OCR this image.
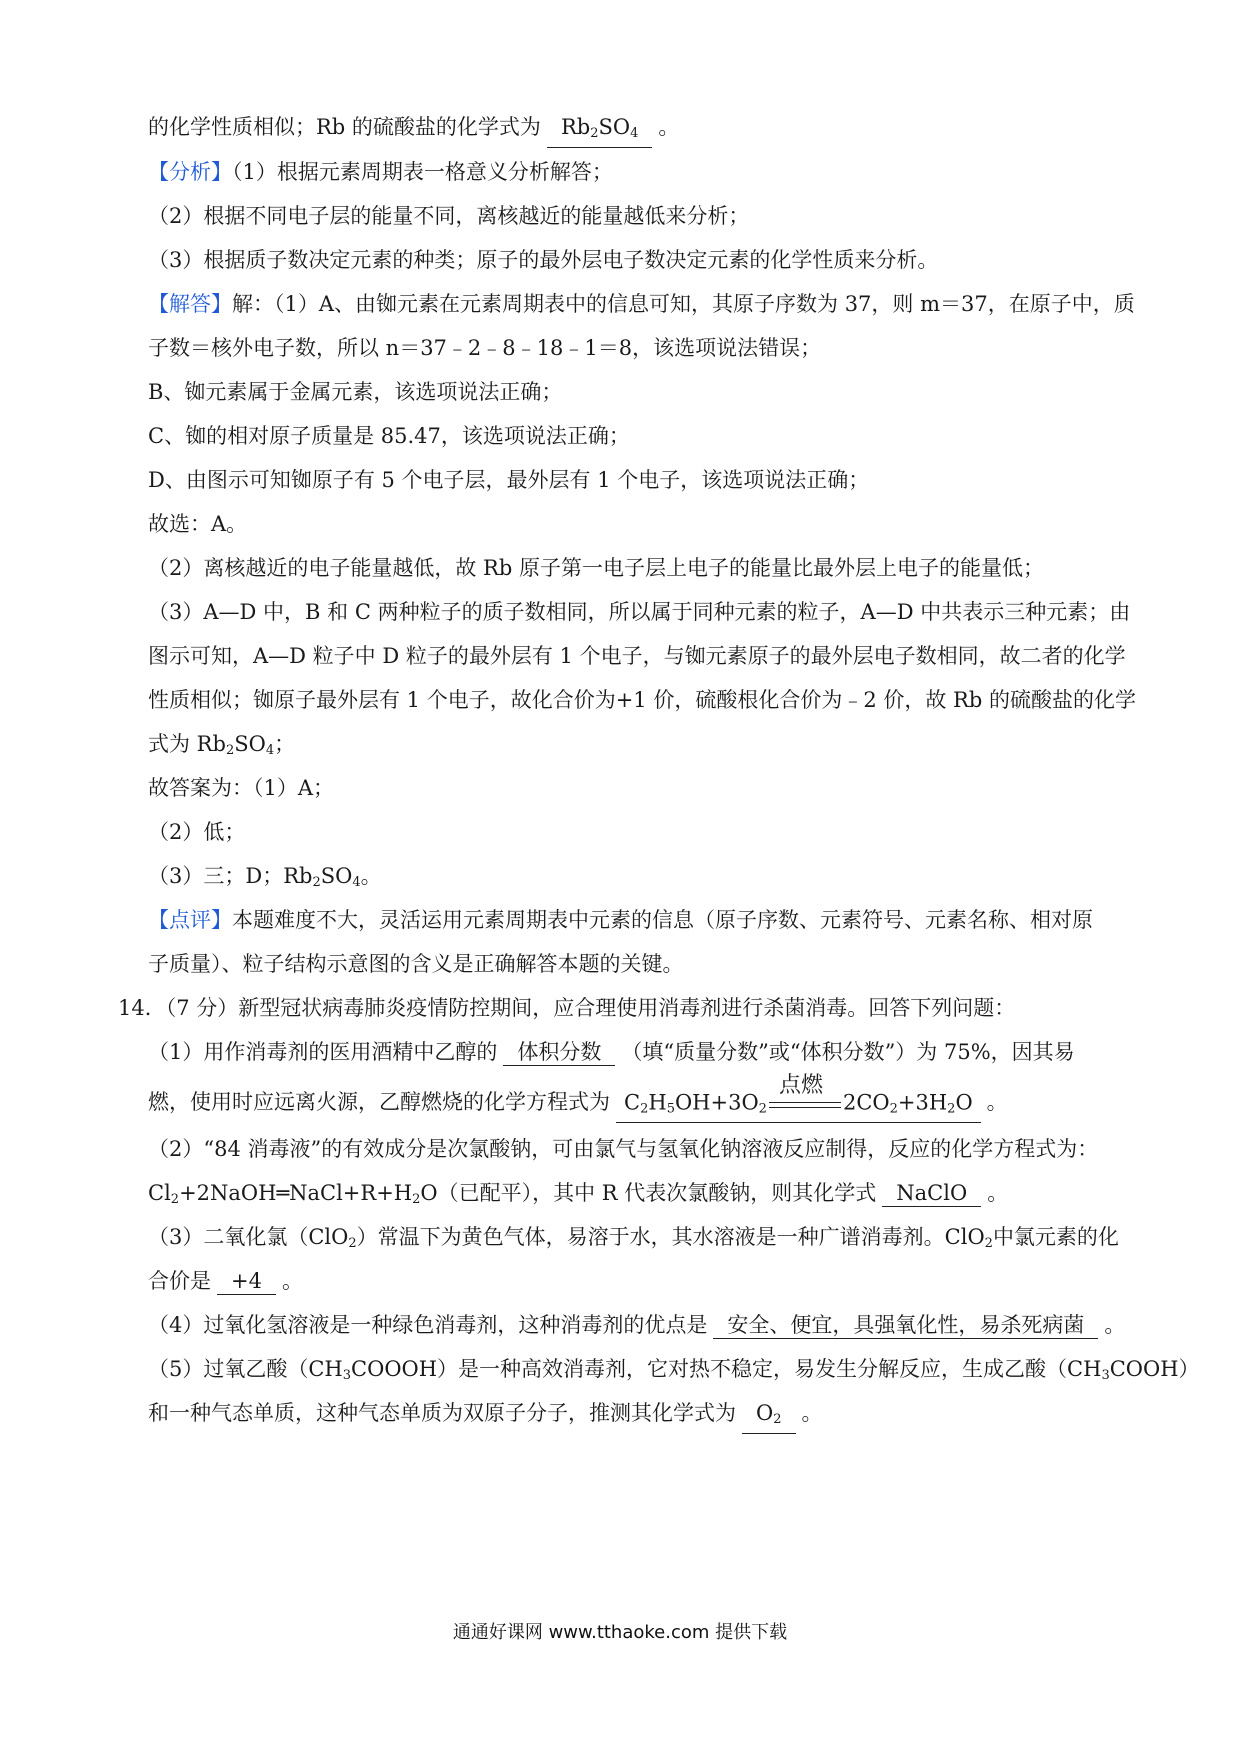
的化学性质相似；Rb 的硫酸盐的化学式为 $Rb_2SO_4$ 。
【分析】（1）根据元素周期表一格意义分析解答；
（2）根据不同电子层的能量不同，离核越近的能量越低来分析；
（3）根据质子数决定元素的种类；原子的最外层电子数决定元素的化学性质来分析。
【解答】解：（1）A、由铷元素在元素周期表中的信息可知，其原子序数为 37，则 m＝37，在原子中，质
子数＝核外电子数，所以 n＝37﹣2﹣8﹣18﹣1＝8，该选项说法错误；
B、铷元素属于金属元素，该选项说法正确；
C、铷的相对原子质量是 85.47，该选项说法正确；
D、由图示可知铷原子有 5 个电子层，最外层有 1 个电子，该选项说法正确；
故选：A。
（2）离核越近的电子能量越低，故 Rb 原子第一电子层上电子的能量比最外层上电子的能量低；
（3）A—D 中，B 和 C 两种粒子的质子数相同，所以属于同种元素的粒子，A—D 中共表示三种元素；由
图示可知，A—D 粒子中 D 粒子的最外层有 1 个电子，与铷元素原子的最外层电子数相同，故二者的化学
性质相似；铷原子最外层有 1 个电子，故化合价为+1 价，硫酸根化合价为﹣2 价，故 Rb 的硫酸盐的化学
式为 $Rb_2SO_4$；
故答案为：（1）A；
（2）低；
（3）三；D；$Rb_2SO_4$。
【点评】本题难度不大，灵活运用元素周期表中元素的信息（原子序数、元素符号、元素名称、相对原
子质量）、粒子结构示意图的含义是正确解答本题的关键。
14．（7 分）新型冠状病毒肺炎疫情防控期间，应合理使用消毒剂进行杀菌消毒。回答下列问题：
（1）用作消毒剂的医用酒精中乙醇的 体积分数 （填“质量分数”或“体积分数”）为 75%，因其易
燃，使用时应远离火源，乙醇燃烧的化学方程式为 $C_2H_5OH+3O_2$
点燃
$2CO_2+3H_2O$ 。
（2）“84 消毒液”的有效成分是次氯酸钠，可由氯气与氢氧化钠溶液反应制得，反应的化学方程式为：
$Cl_2+2NaOH═NaCl+R+H_2O$（已配平），其中 R 代表次氯酸钠，则其化学式 NaClO 。
（3）二氧化氯（ClO$_2$）常温下为黄色气体，易溶于水，其水溶液是一种广谱消毒剂。ClO$_2$中氯元素的化
合价是 +4 。
（4）过氧化氢溶液是一种绿色消毒剂，这种消毒剂的优点是 安全、便宜，具强氧化性，易杀死病菌 。
（5）过氧乙酸$(CH_3COOOH)$是一种高效消毒剂，它对热不稳定，易发生分解反应，生成乙酸$(CH_3COOH)$
和一种气态单质，这种气态单质为双原子分子，推测其化学式为 $O_2$ 。
通通好课网 www.tthaoke.com 提供下载
